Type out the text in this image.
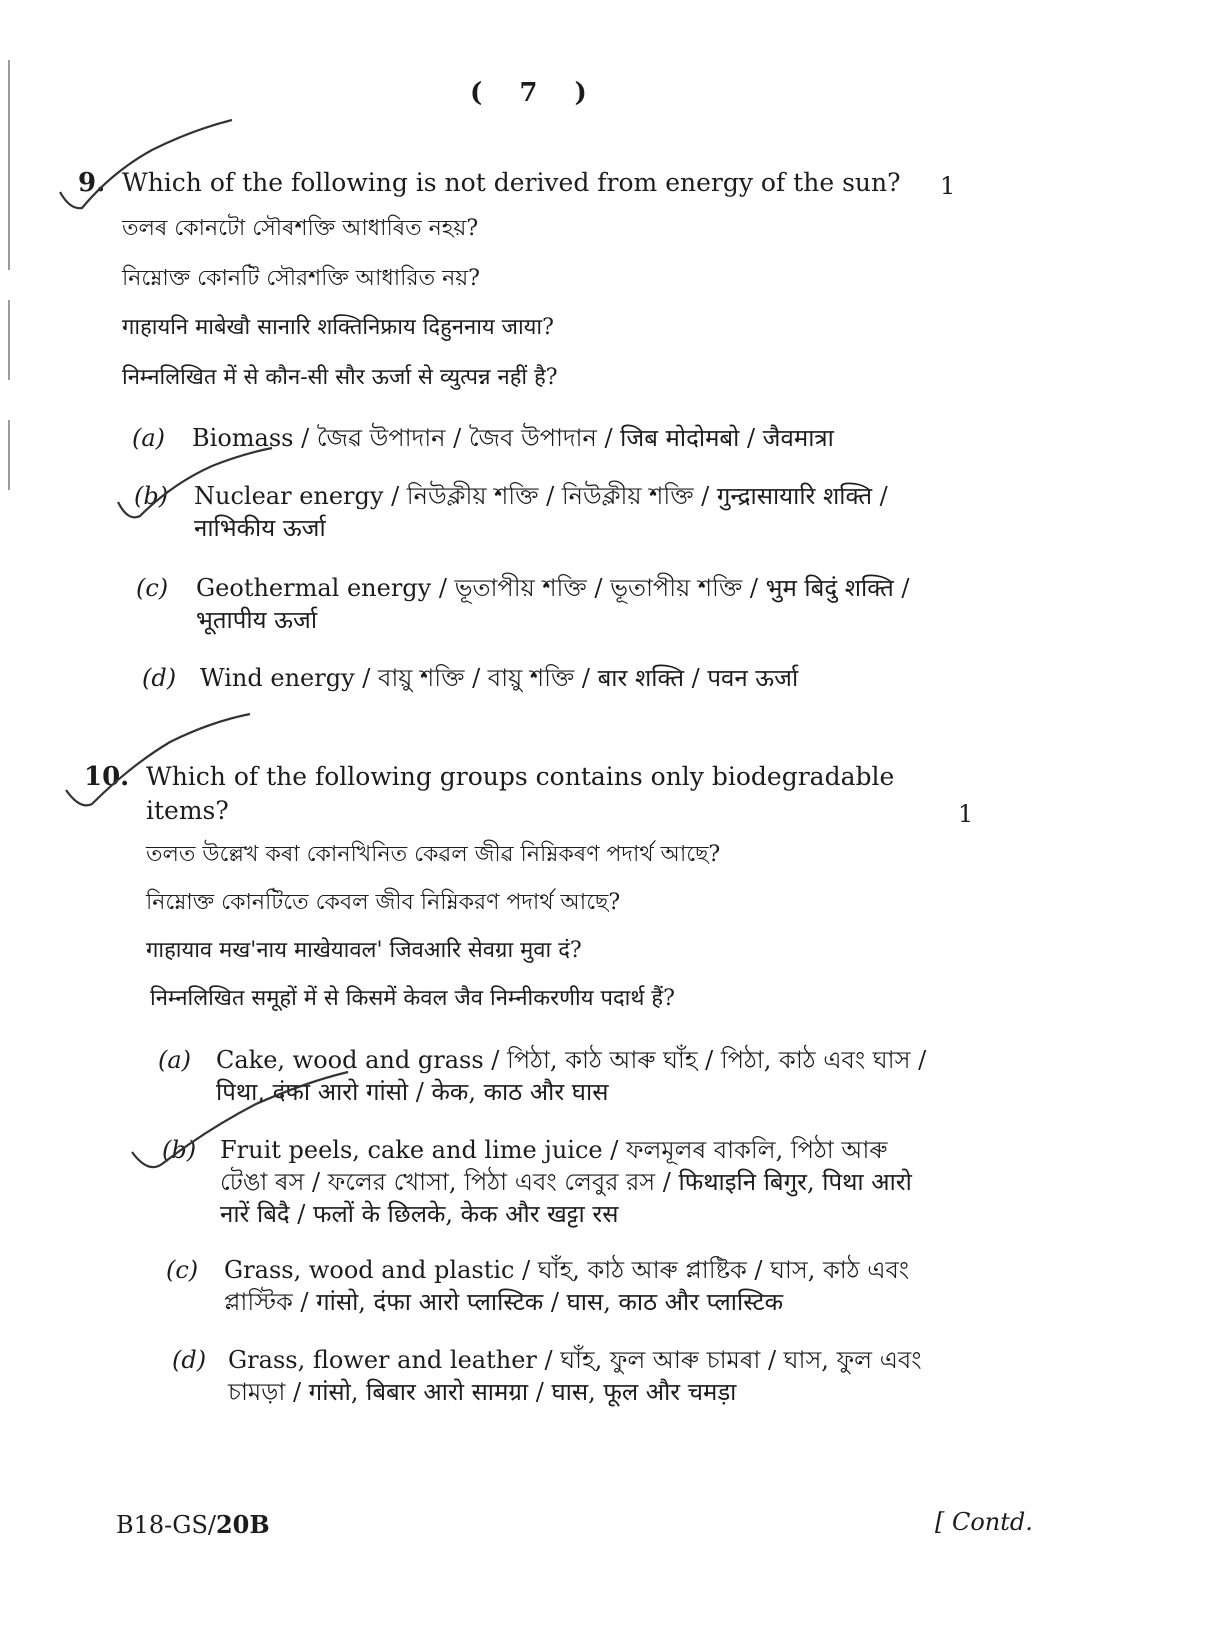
( 7 )
9. Which of the following is not derived from energy of the sun?	1
তলৰ কোনটো সৌৰশক্তি আধাৰিত নহয়?
নিম্নোক্ত কোনটি সৌরশক্তি আধারিত নয়?
गाहायनि माबेखौ सानारि शक्तिनिफ्राय दिहुननाय जाया?
निम्नलिखित में से कौन-सी सौर ऊर्जा से व्युत्पन्न नहीं है?
(a) Biomass / জৈৱ উপাদান / জৈব উপাদান / जिब मोदोमबो / जैवमात्रा
(b) Nuclear energy / নিউক্লীয় শক্তি / নিউক্লীয় শক্তি / गुन्द्रासायारि शक्ति / नाभिकीय ऊर्जा
(c) Geothermal energy / ভূতাপীয় শক্তি / ভূতাপীয় শক্তি / भुम बिदुं शक्ति / भूतापीय ऊर्जा
(d) Wind energy / বায়ু শক্তি / বায়ু শক্তি / बार शक्ति / पवन ऊर्जा
10. Which of the following groups contains only biodegradable items?	1
তলত উল্লেখ কৰা কোনখিনিত কেৱল জীৱ নিম্নিকৰণ পদাৰ্থ আছে?
নিম্নোক্ত কোনটিতে কেবল জীব নিম্নিকরণ পদার্থ আছে?
गाहायाव मख'नाय माखेयावल' जिवआरि सेवग्रा मुवा दं?
निम्नलिखित समूहों में से किसमें केवल जैव निम्नीकरणीय पदार्थ हैं?
(a) Cake, wood and grass / পিঠা, কাঠ আৰু ঘাঁহ / পিঠা, কাঠ এবং ঘাস / पिथा, दंफा आरो गांसो / केक, काठ और घास
(b) Fruit peels, cake and lime juice / ফলমূলৰ বাকলি, পিঠা আৰু টেঙা ৰস / ফলের খোসা, পিঠা এবং লেবুর রস / फिथाइनि बिगुर, पिथा आरो नारें बिदै / फलों के छिलके, केक और खट्टा रस
(c) Grass, wood and plastic / ঘাঁহ, কাঠ আৰু প্লাষ্টিক / ঘাস, কাঠ এবং প্লাস্টিক / गांसो, दंफा आरो प्लास्टिक / घास, काठ और प्लास्टिक
(d) Grass, flower and leather / ঘাঁহ, ফুল আৰু চামৰা / ঘাস, ফুল এবং চামড়া / गांसो, बिबार आरो सामग्रा / घास, फूल और चमड़ा
B18-GS/20B	[ Contd.
